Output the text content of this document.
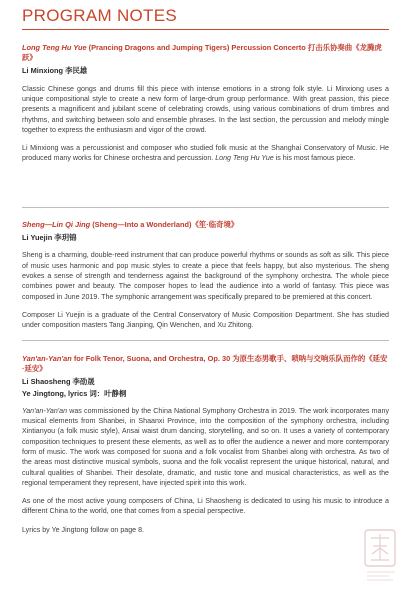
PROGRAM NOTES

Long Teng Hu Yue (Prancing Dragons and Jumping Tigers) Percussion Concerto 打击乐协奏曲《龙腾虎跃》

Li Minxiong 李民雄

Classic Chinese gongs and drums fill this piece with intense emotions in a strong folk style. Li Minxiong uses a unique compositional style to create a new form of large-drum group performance. With great passion, this piece presents a magnificent and jubilant scene of celebrating crowds, using various combinations of drum timbres and rhythms, and switching between solo and ensemble phrases. In the last section, the percussion and melody mingle together to express the enthusiasm and vigor of the crowd.

Li Minxiong was a percussionist and composer who studied folk music at the Shanghai Conservatory of Music. He produced many works for Chinese orchestra and percussion. Long Teng Hu Yue is his most famous piece.

Sheng—Lin Qi Jing (Sheng—Into a Wonderland)《笙·临奇境》

Li Yuejin 李玥锦

Sheng is a charming, double-reed instrument that can produce powerful rhythms or sounds as soft as silk. This piece of music uses harmonic and pop music styles to create a piece that feels happy, but also mysterious. The sheng evokes a sense of strength and tenderness against the background of the symphony orchestra. The whole piece combines power and beauty. The composer hopes to lead the audience into a world of fantasy. This piece was composed in June 2019. The symphonic arrangement was specifically prepared to be premiered at this concert.

Composer Li Yuejin is a graduate of the Central Conservatory of Music Composition Department. She has studied under composition masters Tang Jianping, Qin Wenchen, and Xu Zhitong.

Yan'an-Yan'an for Folk Tenor, Suona, and Orchestra, Op. 30 为原生态男歌手、唢呐与交响乐队而作的《延安·延安》

Li Shaosheng 李劭晟

Ye Jingtong, lyrics 词：叶静桐

Yan'an-Yan'an was commissioned by the China National Symphony Orchestra in 2019. The work incorporates many musical elements from Shanbei, in Shaanxi Province, into the composition of the symphony orchestra, including Xintianyou (a folk music style), Ansai waist drum dancing, storytelling, and so on. It uses a variety of contemporary composition techniques to present these elements, as well as to offer the audience a newer and more contemporary form of music. The work was composed for suona and a folk vocalist from Shanbei along with orchestra. As two of the areas most distinctive musical symbols, suona and the folk vocalist represent the unique historical, natural, and cultural qualities of Shanbei. Their desolate, dramatic, and rustic tone and musical characteristics, as well as the regional temperament they represent, have injected spirit into this work.

As one of the most active young composers of China, Li Shaosheng is dedicated to using his music to introduce a different China to the world, one that comes from a special perspective.

Lyrics by Ye Jingtong follow on page 8.
